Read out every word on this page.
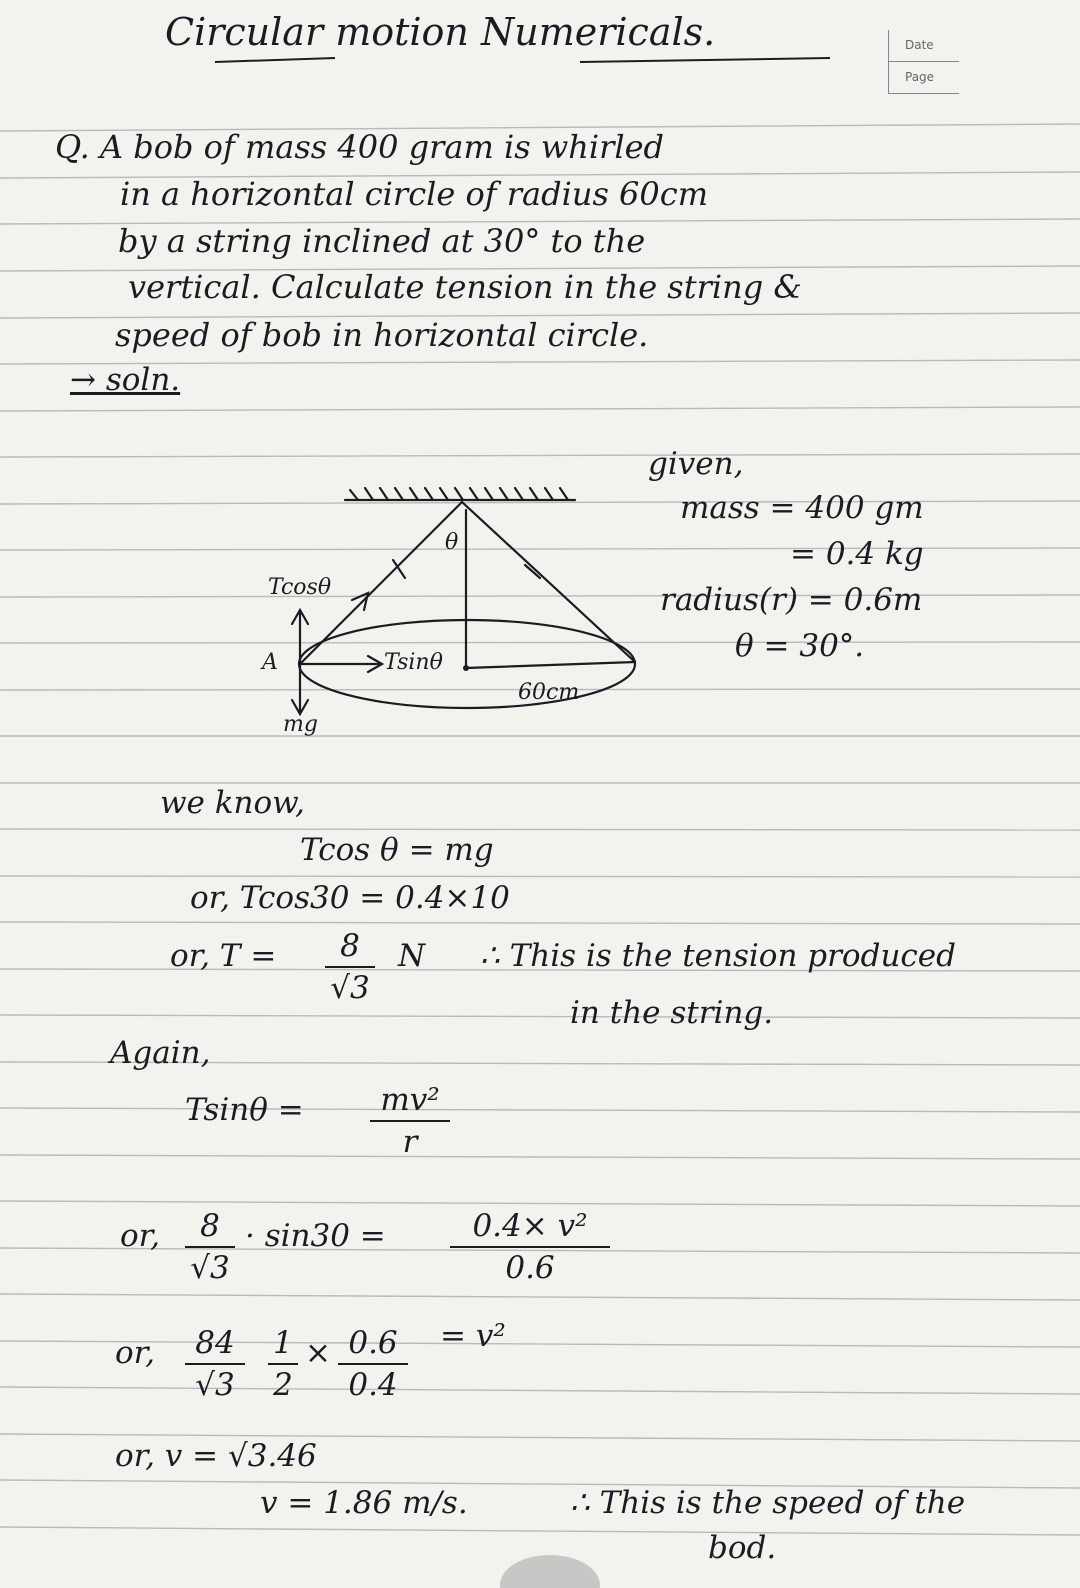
Date
Page
Circular motion Numericals.
Q. A bob of mass 400 gram is whirled
in a horizontal circle of radius 60cm
by a string inclined at 30° to the
vertical. Calculate tension in the string &
speed of bob in horizontal circle.
→ soln.
given,
mass = 400 gm
= 0.4 kg
radius(r) = 0.6m
θ = 30°.
θ
Tcosθ
A	Tsinθ
mg
60cm
we know,
Tcos θ = mg
or, Tcos30 = 0.4×10
or, T = 8
√3
N ∴ This is the tension produced
in the string.
Again,
Tsinθ = mv²
r
or, 8
√3
· sin30 =	0.4× v²
0.6
or, 84
√3
1
2
× 0.6
0.4
= v²
or, v = √3.46
v = 1.86 m/s.	∴ This is the speed of the
bod.
